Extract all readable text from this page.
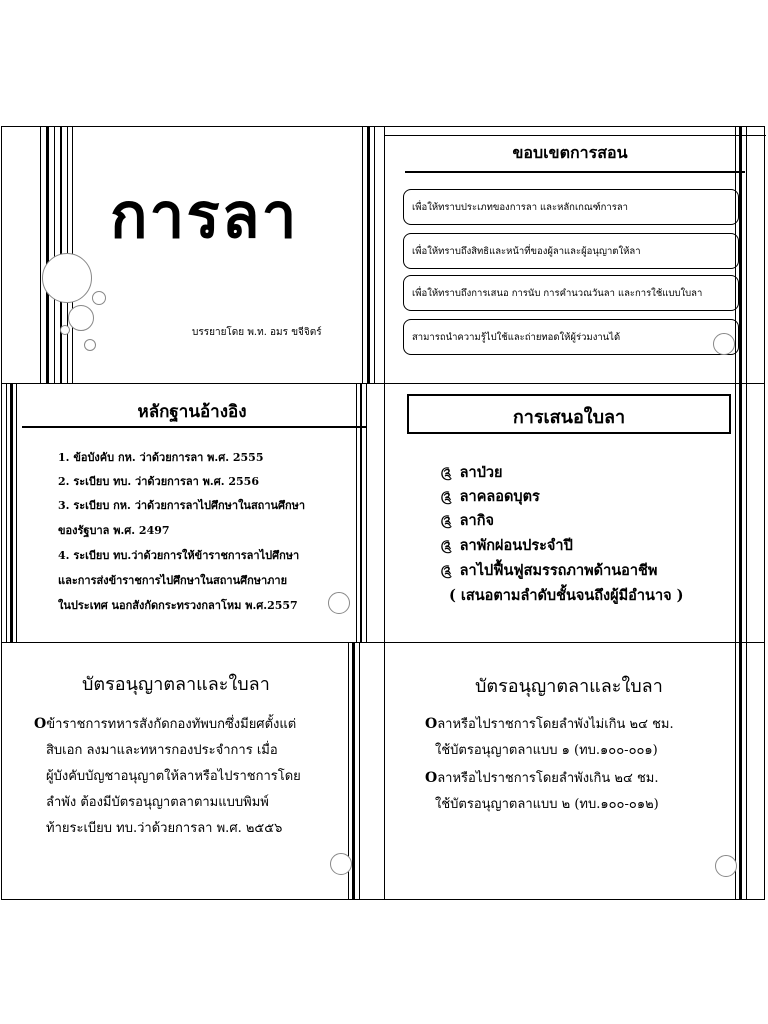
การลา
บรรยายโดย พ.ท. อมร ขจีจิตร์
ขอบเขตการสอน
เพื่อให้ทราบประเภทของการลา และหลักเกณฑ์การลา
เพื่อให้ทราบถึงสิทธิและหน้าที่ของผู้ลาและผู้อนุญาตให้ลา
เพื่อให้ทราบถึงการเสนอ การนับ การคำนวณวันลา และการใช้แบบใบลา
สามารถนำความรู้ไปใช้และถ่ายทอดให้ผู้ร่วมงานได้
หลักฐานอ้างอิง
1. ข้อบังคับ กห. ว่าด้วยการลา พ.ศ. 2555
2. ระเบียบ ทบ. ว่าด้วยการลา พ.ศ. 2556
3. ระเบียบ กห. ว่าด้วยการลาไปศึกษาในสถานศึกษา
ของรัฐบาล พ.ศ. 2497
4. ระเบียบ ทบ.ว่าด้วยการให้ข้าราชการลาไปศึกษา
และการส่งข้าราชการไปศึกษาในสถานศึกษาภาย
ในประเทศ นอกสังกัดกระทรวงกลาโหม พ.ศ.2557
การเสนอใบลา
༊ ลาป่วย
༊ ลาคลอดบุตร
༊ ลากิจ
༊ ลาพักผ่อนประจำปี
༊ ลาไปฟื้นฟูสมรรถภาพด้านอาชีพ
( เสนอตามลำดับชั้นจนถึงผู้มีอำนาจ )
บัตรอนุญาตลาและใบลา
Oข้าราชการทหารสังกัดกองทัพบกซึ่งมียศตั้งแต่
สิบเอก ลงมาและทหารกองประจำการ เมื่อ
ผู้บังคับบัญชาอนุญาตให้ลาหรือไปราชการโดย
ลำพัง ต้องมีบัตรอนุญาตลาตามแบบพิมพ์
ท้ายระเบียบ ทบ.ว่าด้วยการลา พ.ศ. ๒๕๕๖
บัตรอนุญาตลาและใบลา
Oลาหรือไปราชการโดยลำพังไม่เกิน ๒๔ ชม.
ใช้บัตรอนุญาตลาแบบ ๑ (ทบ.๑๐๐-๐๐๑)
Oลาหรือไปราชการโดยลำพังเกิน ๒๔ ชม.
ใช้บัตรอนุญาตลาแบบ ๒ (ทบ.๑๐๐-๐๑๒)
